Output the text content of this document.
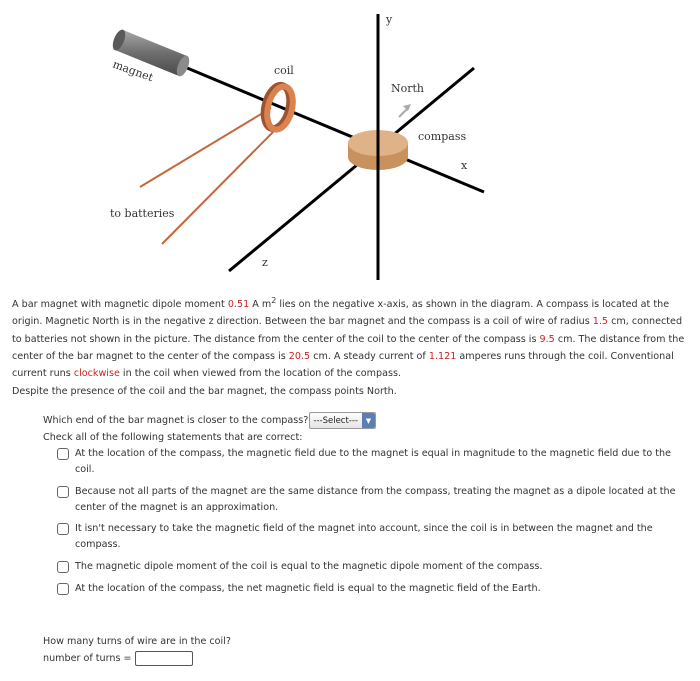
magnet	coil
y
North
compass
x
z
to batteries
A bar magnet with magnetic dipole moment 0.51 A $m^2$ lies on the negative x-axis, as shown in the diagram. A compass is located at the origin. Magnetic North is in the negative z direction. Between the bar magnet and the compass is a coil of wire of radius 1.5 cm, connected to batteries not shown in the picture. The distance from the center of the coil to the center of the compass is 9.5 cm. The distance from the center of the bar magnet to the center of the compass is 20.5 cm. A steady current of 1.121 amperes runs through the coil. Conventional current runs clockwise in the coil when viewed from the location of the compass.
Despite the presence of the coil and the bar magnet, the compass points North.
Which end of the bar magnet is closer to the compass? ---Select---	▼
Check all of the following statements that are correct:
At the location of the compass, the magnetic field due to the magnet is equal in magnitude to the magnetic field due to the coil.
Because not all parts of the magnet are the same distance from the compass, treating the magnet as a dipole located at the center of the magnet is an approximation.
It isn't necessary to take the magnetic field of the magnet into account, since the coil is in between the magnet and the compass.
The magnetic dipole moment of the coil is equal to the magnetic dipole moment of the compass.
At the location of the compass, the net magnetic field is equal to the magnetic field of the Earth.
How many turns of wire are in the coil?
number of turns =
